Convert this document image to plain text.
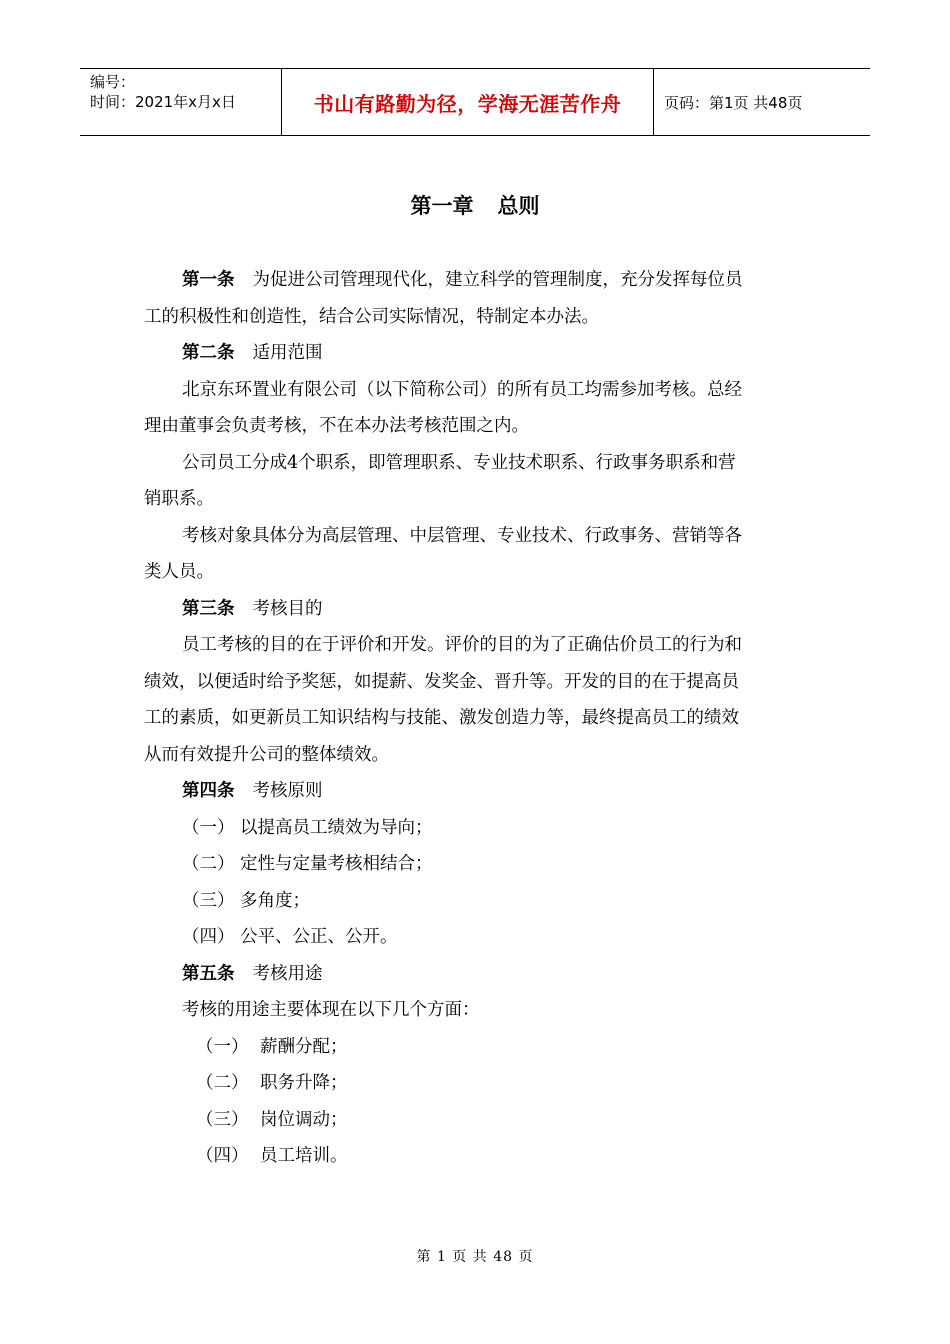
编号：
时间：2021年x月x日	书山有路勤为径，学海无涯苦作舟	页码：第1页 共48页
第一章 总则

第一条 为促进公司管理现代化，建立科学的管理制度，充分发挥每位员
工的积极性和创造性，结合公司实际情况，特制定本办法。

第二条 适用范围

北京东环置业有限公司（以下简称公司）的所有员工均需参加考核。总经
理由董事会负责考核，不在本办法考核范围之内。

公司员工分成4个职系，即管理职系、专业技术职系、行政事务职系和营
销职系。

考核对象具体分为高层管理、中层管理、专业技术、行政事务、营销等各
类人员。

第三条 考核目的

员工考核的目的在于评价和开发。评价的目的为了正确估价员工的行为和
绩效，以便适时给予奖惩，如提薪、发奖金、晋升等。开发的目的在于提高员
工的素质，如更新员工知识结构与技能、激发创造力等，最终提高员工的绩效
从而有效提升公司的整体绩效。

第四条 考核原则

（一） 以提高员工绩效为导向；
（二） 定性与定量考核相结合；
（三） 多角度；
（四） 公平、公正、公开。

第五条 考核用途

考核的用途主要体现在以下几个方面：

（一） 薪酬分配；
（二） 职务升降；
（三） 岗位调动；
（四） 员工培训。
第 1 页 共 48 页
